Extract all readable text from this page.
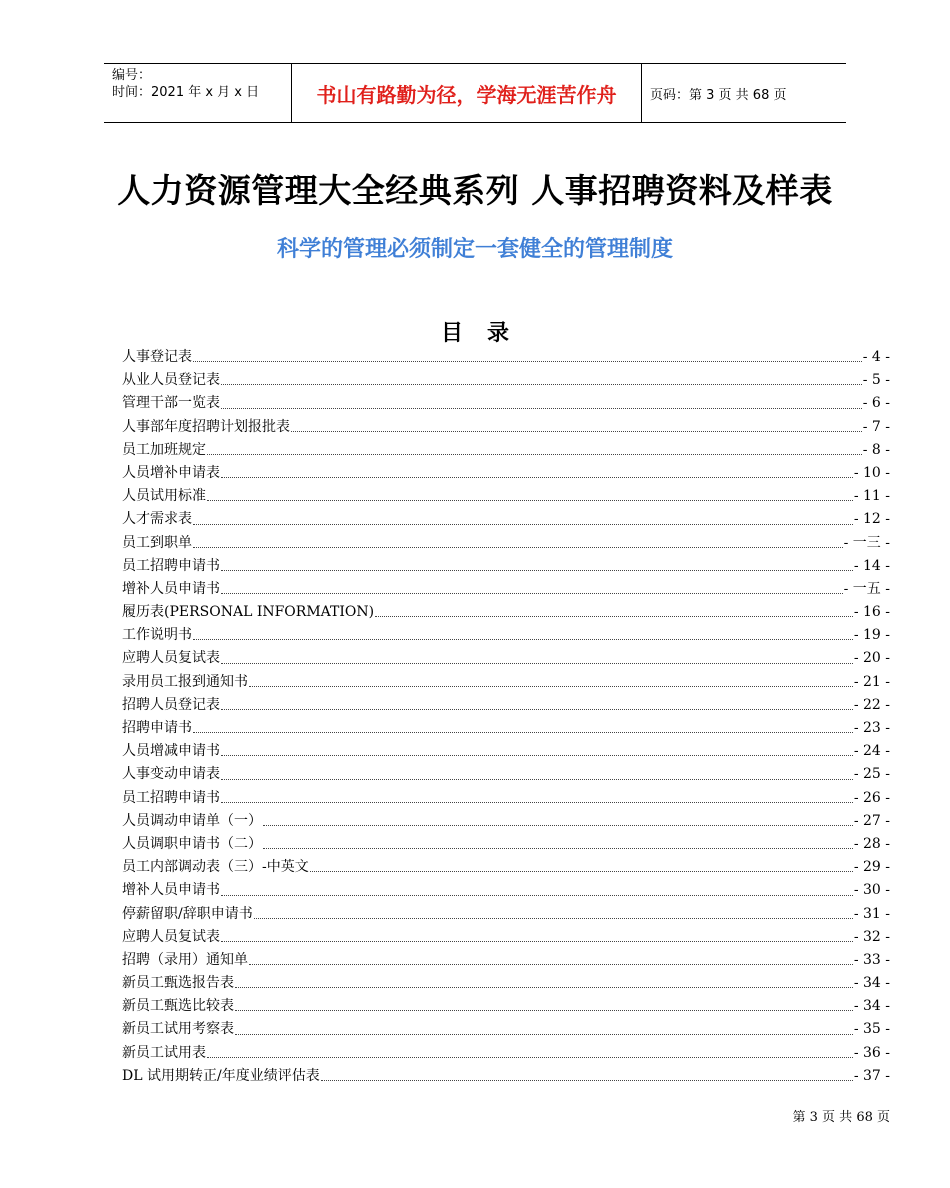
编号：
时间：2021 年 x 月 x 日	书山有路勤为径，学海无涯苦作舟	页码：第 3 页 共 68 页
人力资源管理大全经典系列 人事招聘资料及样表
科学的管理必须制定一套健全的管理制度
目录
人事登记表	- 4 -
从业人员登记表	- 5 -
管理干部一览表	- 6 -
人事部年度招聘计划报批表	- 7 -
员工加班规定	- 8 -
人员增补申请表	- 10 -
人员试用标准	- 11 -
人才需求表	- 12 -
员工到职单	- 一三 -
员工招聘申请书	- 14 -
增补人员申请书	- 一五 -
履历表(PERSONAL INFORMATION)	- 16 -
工作说明书	- 19 -
应聘人员复试表	- 20 -
录用员工报到通知书	- 21 -
招聘人员登记表	- 22 -
招聘申请书	- 23 -
人员增减申请书	- 24 -
人事变动申请表	- 25 -
员工招聘申请书	- 26 -
人员调动申请单（一）	- 27 -
人员调职申请书（二）	- 28 -
员工内部调动表（三）-中英文	- 29 -
增补人员申请书	- 30 -
停薪留职/辞职申请书	- 31 -
应聘人员复试表	- 32 -
招聘（录用）通知单	- 33 -
新员工甄选报告表	- 34 -
新员工甄选比较表	- 34 -
新员工试用考察表	- 35 -
新员工试用表	- 36 -
DL 试用期转正/年度业绩评估表	- 37 -
第 3 页 共 68 页
